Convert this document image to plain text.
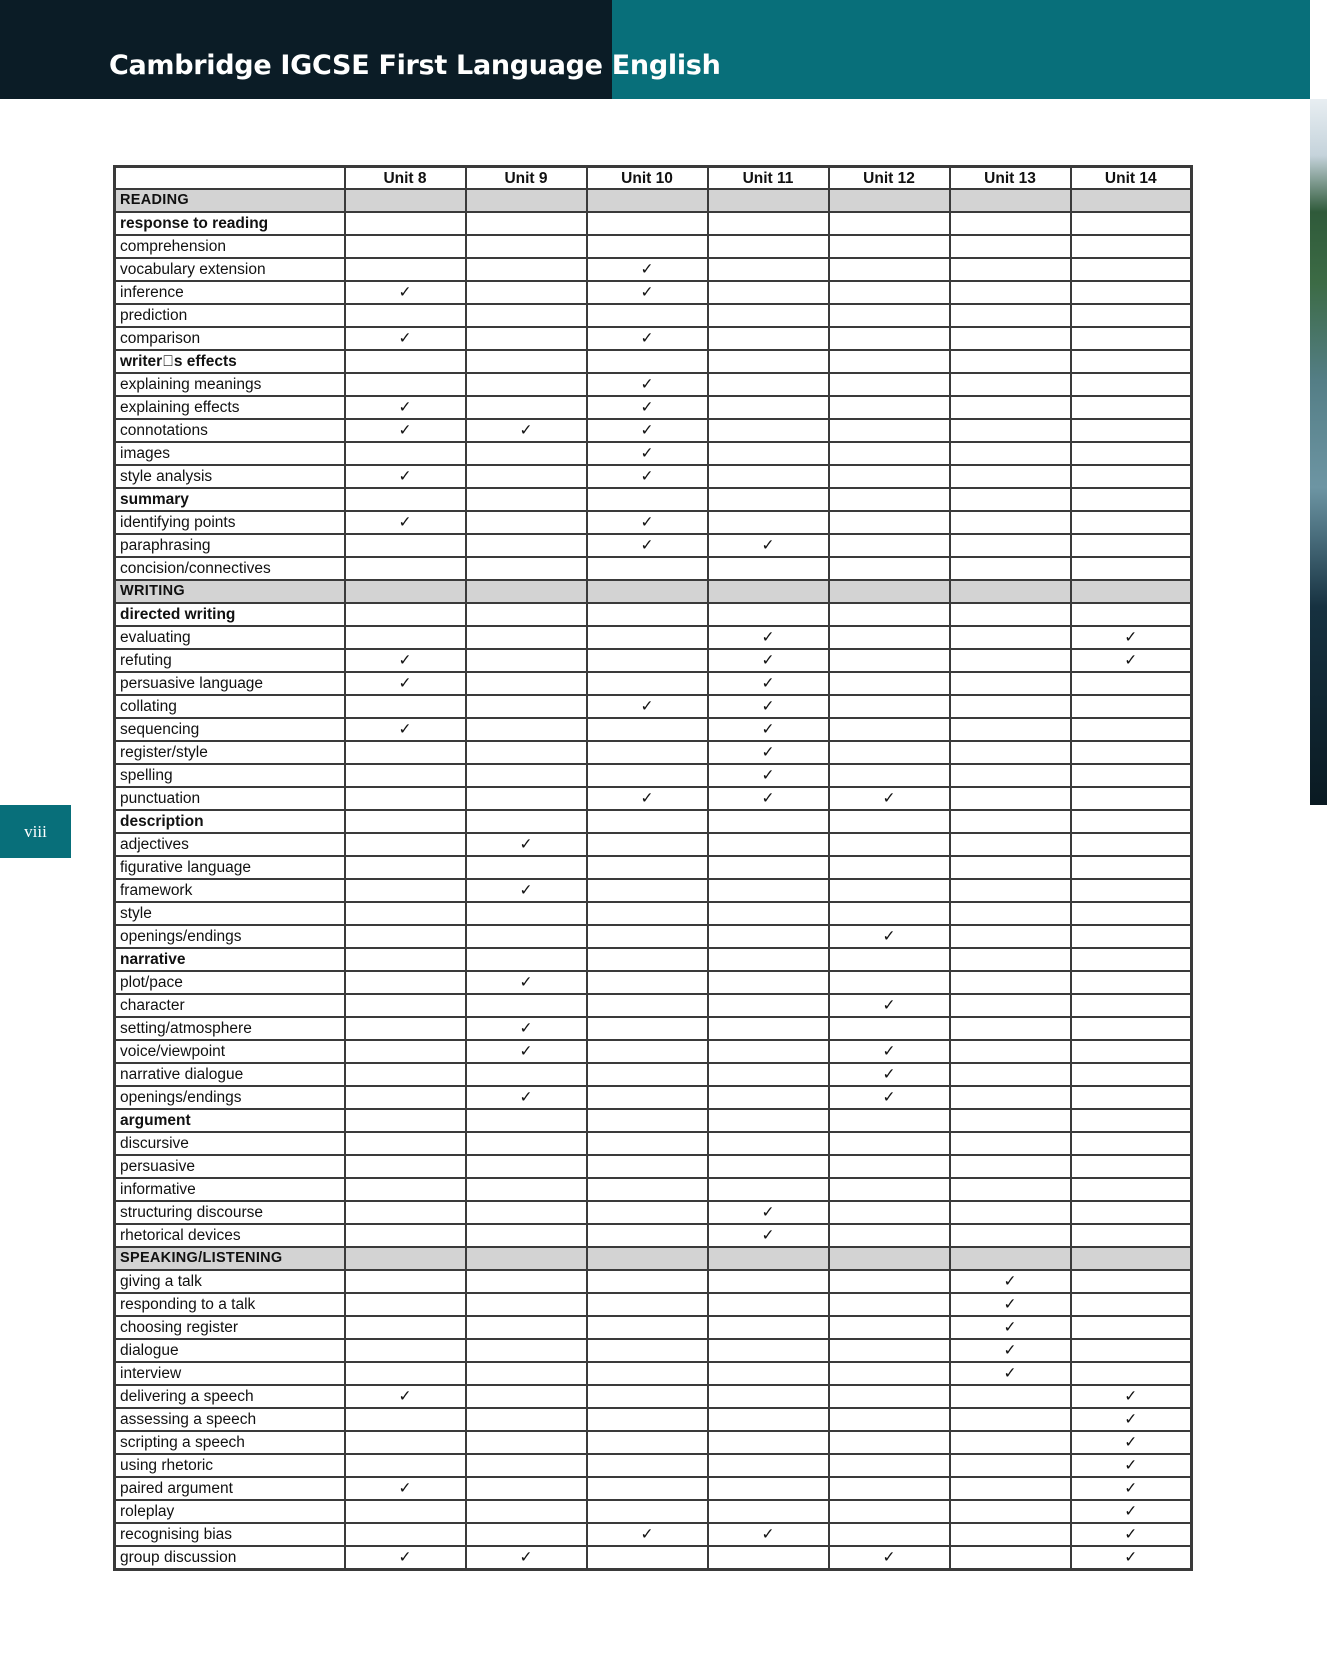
Cambridge IGCSE First Language English
viii
	Unit 8	Unit 9	Unit 10	Unit 11	Unit 12	Unit 13	Unit 14
READING							
response to reading							
comprehension							
vocabulary extension			✓				
inference	✓		✓				
prediction							
comparison	✓		✓				
writer s effects							
explaining meanings			✓				
explaining effects	✓		✓				
connotations	✓	✓	✓				
images			✓				
style analysis	✓		✓				
summary							
identifying points	✓		✓				
paraphrasing			✓	✓			
concision/connectives							
WRITING							
directed writing							
evaluating				✓			✓
refuting	✓			✓			✓
persuasive language	✓			✓			
collating			✓	✓			
sequencing	✓			✓			
register/style				✓			
spelling				✓			
punctuation			✓	✓	✓		
description							
adjectives		✓					
figurative language							
framework		✓					
style							
openings/endings					✓		
narrative							
plot/pace		✓					
character					✓		
setting/atmosphere		✓					
voice/viewpoint		✓			✓		
narrative dialogue					✓		
openings/endings		✓			✓		
argument							
discursive							
persuasive							
informative							
structuring discourse				✓			
rhetorical devices				✓			
SPEAKING/LISTENING							
giving a talk						✓	
responding to a talk						✓	
choosing register						✓	
dialogue						✓	
interview						✓	
delivering a speech	✓						✓
assessing a speech							✓
scripting a speech							✓
using rhetoric							✓
paired argument	✓						✓
roleplay							✓
recognising bias			✓	✓			✓
group discussion	✓	✓			✓		✓
